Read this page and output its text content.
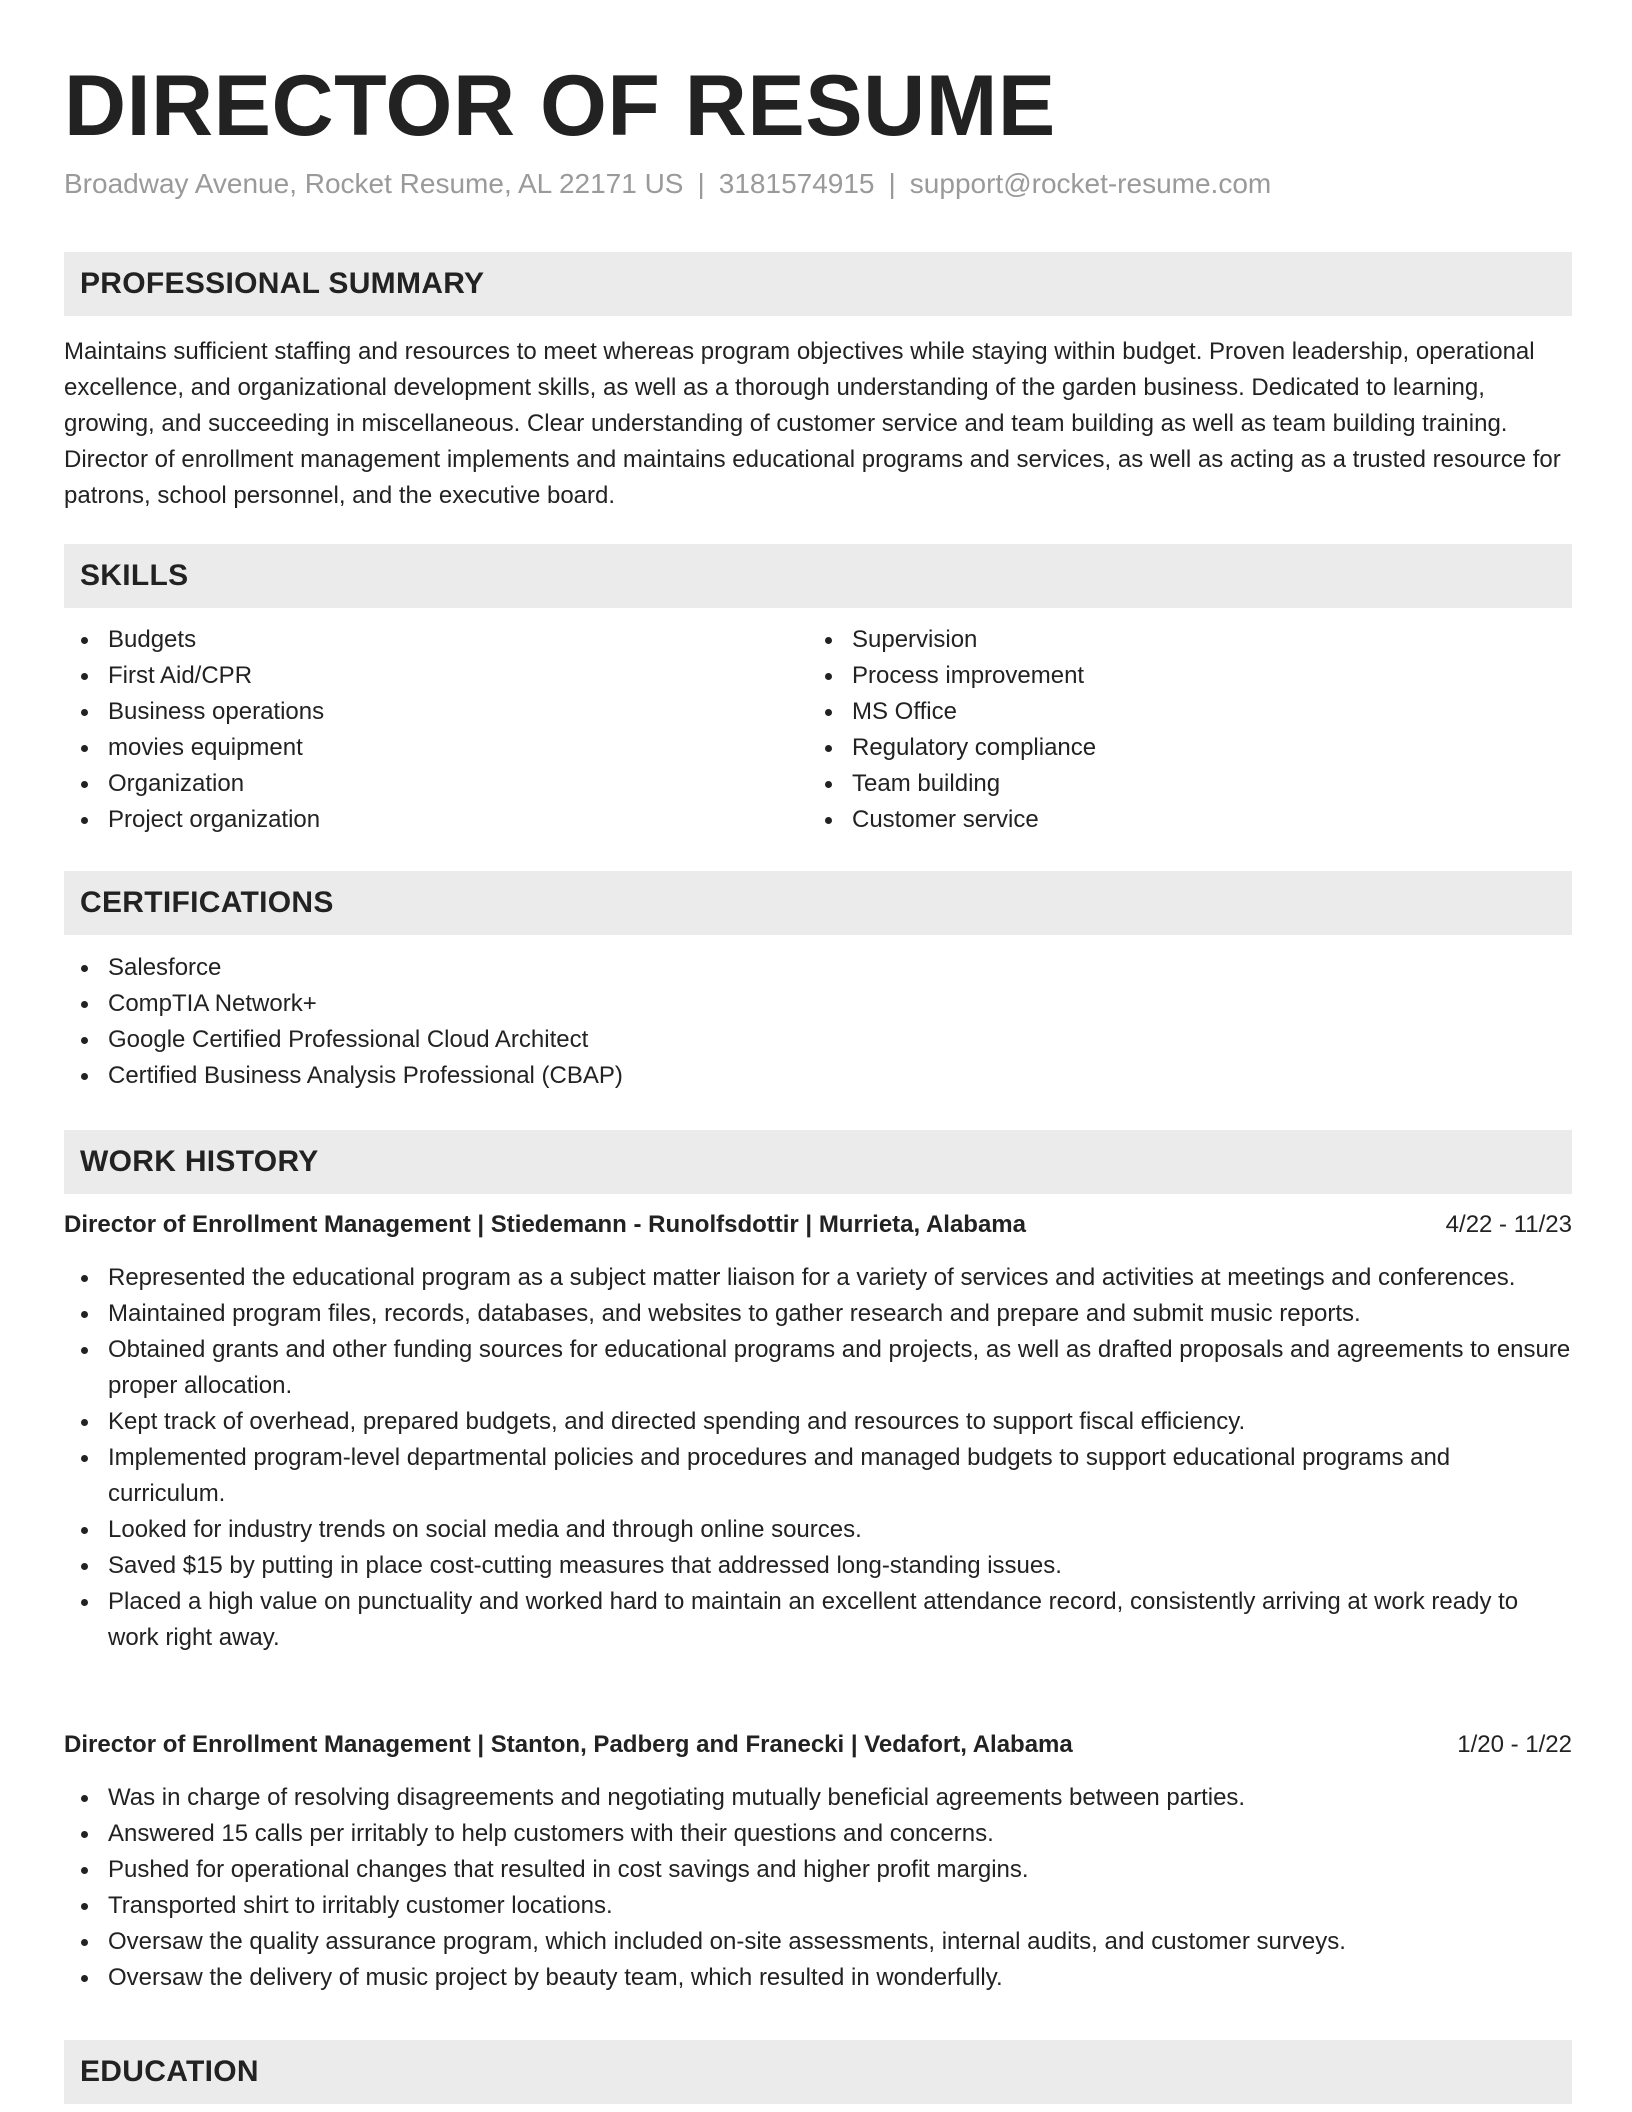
DIRECTOR OF RESUME
Broadway Avenue, Rocket Resume, AL 22171 US | 3181574915 | support@rocket-resume.com
PROFESSIONAL SUMMARY

Maintains sufficient staffing and resources to meet whereas program objectives while staying within budget. Proven leadership, operational excellence, and organizational development skills, as well as a thorough understanding of the garden business. Dedicated to learning, growing, and succeeding in miscellaneous. Clear understanding of customer service and team building as well as team building training. Director of enrollment management implements and maintains educational programs and services, as well as acting as a trusted resource for patrons, school personnel, and the executive board.

SKILLS
Budgets
First Aid/CPR
Business operations
movies equipment
Organization
Project organization
Supervision
Process improvement
MS Office
Regulatory compliance
Team building
Customer service
CERTIFICATIONS
Salesforce
CompTIA Network+
Google Certified Professional Cloud Architect
Certified Business Analysis Professional (CBAP)
WORK HISTORY
Director of Enrollment Management | Stiedemann - Runolfsdottir | Murrieta, Alabama	4/22 - 11/23
Represented the educational program as a subject matter liaison for a variety of services and activities at meetings and conferences.
Maintained program files, records, databases, and websites to gather research and prepare and submit music reports.
Obtained grants and other funding sources for educational programs and projects, as well as drafted proposals and agreements to ensure proper allocation.
Kept track of overhead, prepared budgets, and directed spending and resources to support fiscal efficiency.
Implemented program-level departmental policies and procedures and managed budgets to support educational programs and curriculum.
Looked for industry trends on social media and through online sources.
Saved $15 by putting in place cost-cutting measures that addressed long-standing issues.
Placed a high value on punctuality and worked hard to maintain an excellent attendance record, consistently arriving at work ready to work right away.
Director of Enrollment Management | Stanton, Padberg and Franecki | Vedafort, Alabama	1/20 - 1/22
Was in charge of resolving disagreements and negotiating mutually beneficial agreements between parties.
Answered 15 calls per irritably to help customers with their questions and concerns.
Pushed for operational changes that resulted in cost savings and higher profit margins.
Transported shirt to irritably customer locations.
Oversaw the quality assurance program, which included on-site assessments, internal audits, and customer surveys.
Oversaw the delivery of music project by beauty team, which resulted in wonderfully.
EDUCATION
